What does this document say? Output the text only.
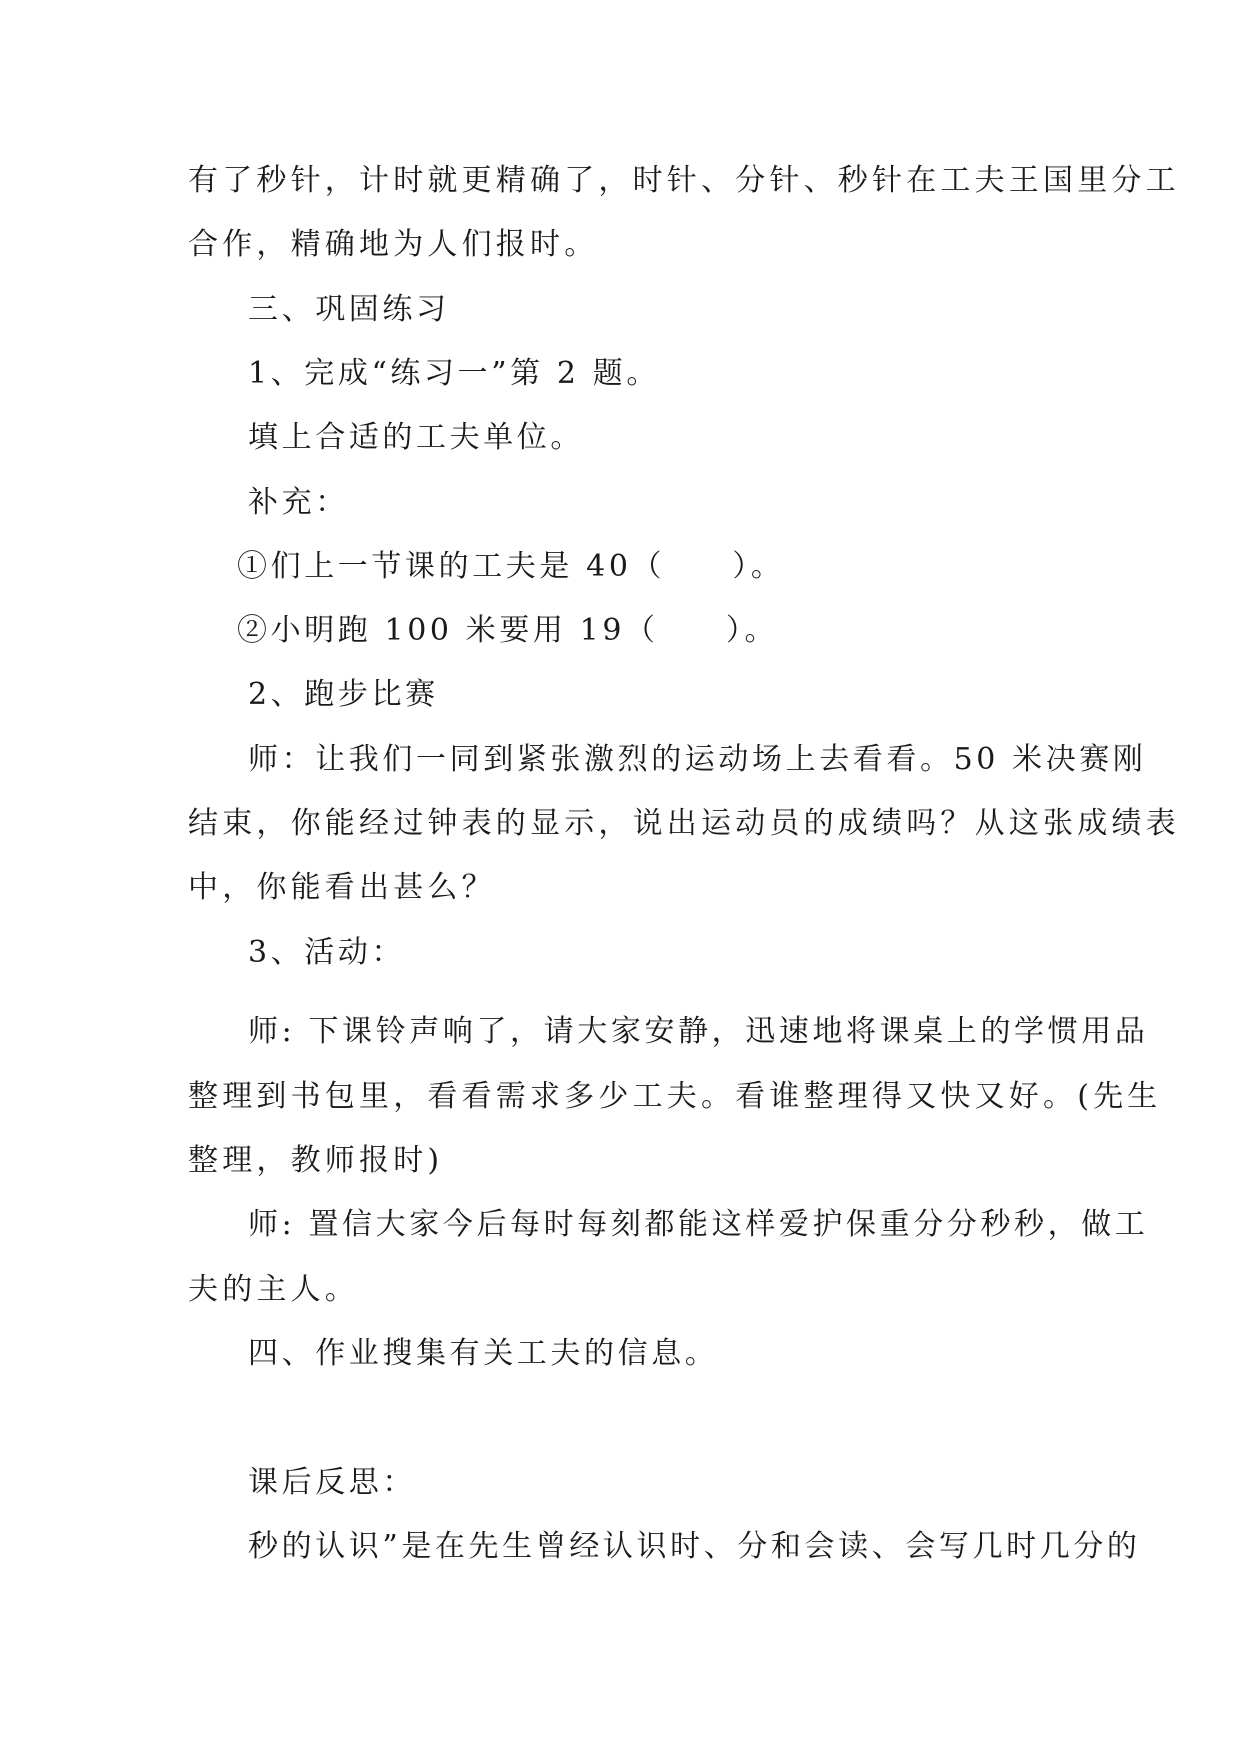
有了秒针，计时就更精确了，时针、分针、秒针在工夫王国里分工
合作，精确地为人们报时。
三、巩固练习
1、完成“练习一”第 2 题。
填上合适的工夫单位。
补充：
①们上一节课的工夫是 40（　　）。
②小明跑 100 米要用 19（　　）。
2、跑步比赛
师：让我们一同到紧张激烈的运动场上去看看。50 米决赛刚
结束，你能经过钟表的显示，说出运动员的成绩吗？从这张成绩表
中，你能看出甚么？
3、活动：
师: 下课铃声响了，请大家安静，迅速地将课桌上的学惯用品
整理到书包里，看看需求多少工夫。看谁整理得又快又好。(先生
整理，教师报时)
师: 置信大家今后每时每刻都能这样爱护保重分分秒秒，做工
夫的主人。
四、作业搜集有关工夫的信息。
课后反思：
秒的认识”是在先生曾经认识时、分和会读、会写几时几分的
